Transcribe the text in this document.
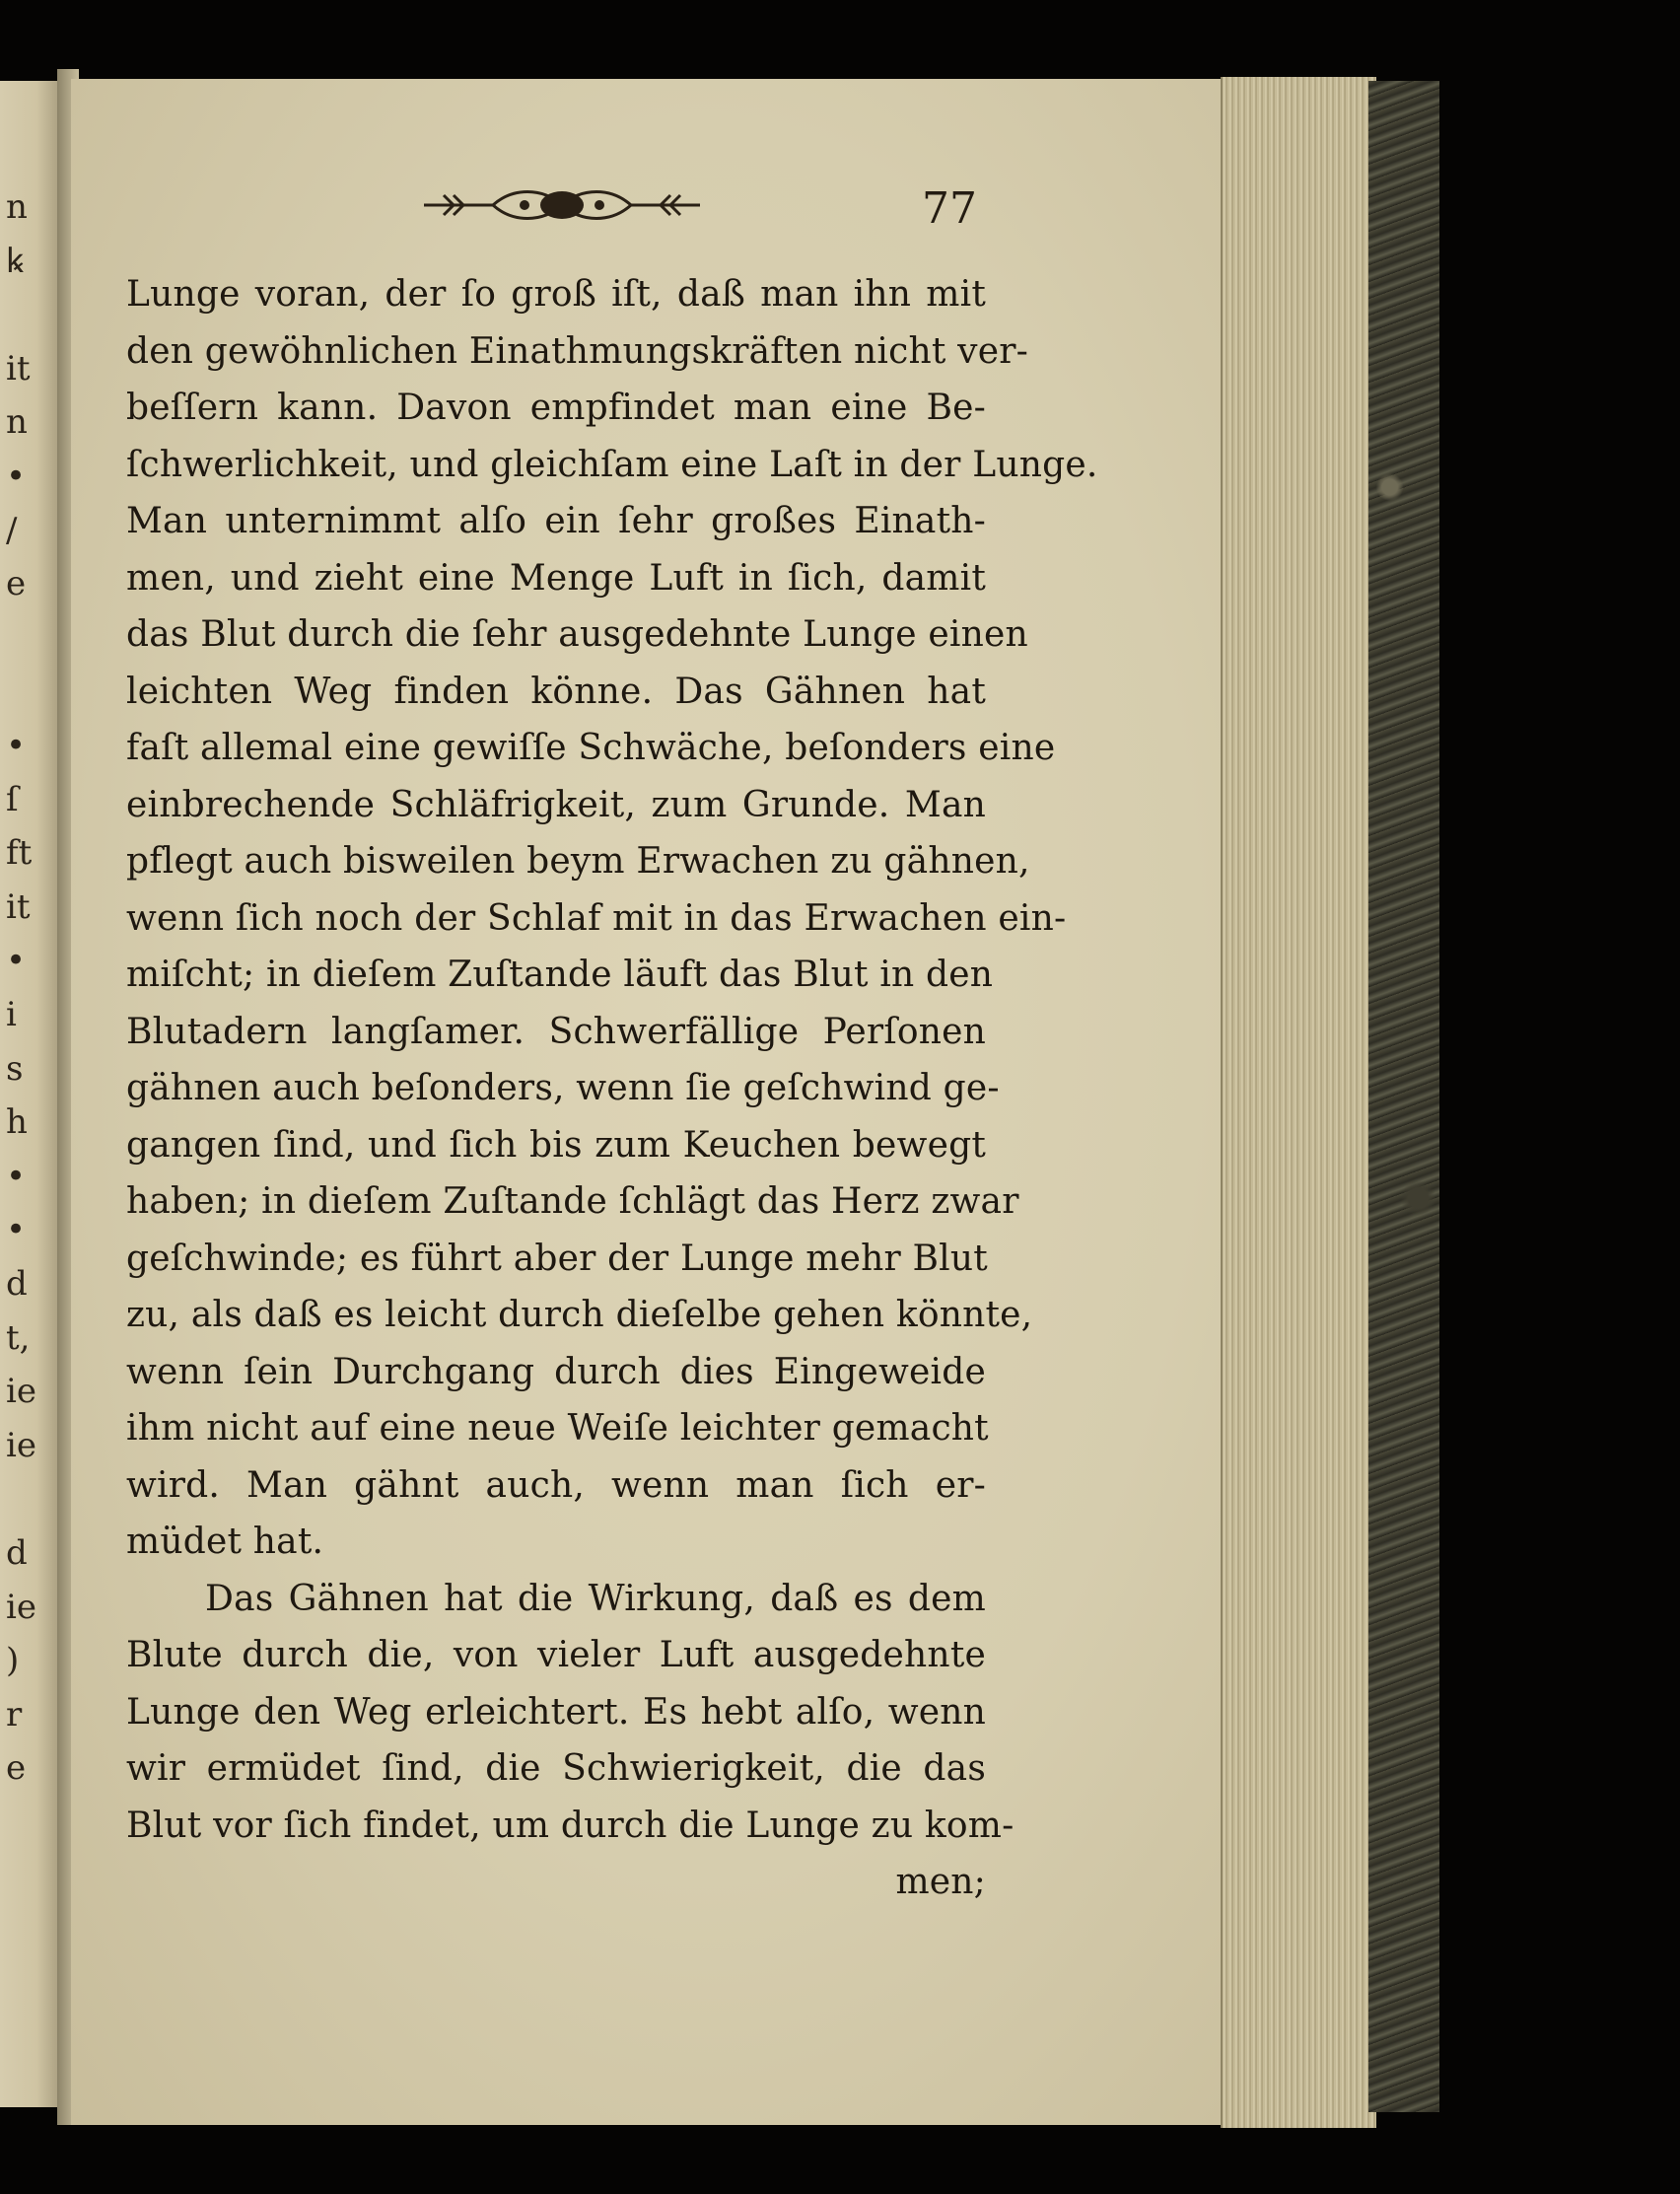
n
ꝃ
it
n
•
/
e
•
ſ
ft
it
•
i
s
h
•
•
d
t,
ie
ie
d
ie
)
r
e
77
Lunge voran, der ſo groß iſt, daß man ihn mit
den gewöhnlichen Einathmungskräften nicht ver-
beſſern kann. Davon empfindet man eine Be-
ſchwerlichkeit, und gleichſam eine Laſt in der Lunge.
Man unternimmt alſo ein ſehr großes Einath-
men, und zieht eine Menge Luft in ſich, damit
das Blut durch die ſehr ausgedehnte Lunge einen
leichten Weg finden könne. Das Gähnen hat
faſt allemal eine gewiſſe Schwäche, beſonders eine
einbrechende Schläfrigkeit, zum Grunde. Man
pflegt auch bisweilen beym Erwachen zu gähnen,
wenn ſich noch der Schlaf mit in das Erwachen ein-
miſcht; in dieſem Zuſtande läuft das Blut in den
Blutadern langſamer. Schwerfällige Perſonen
gähnen auch beſonders, wenn ſie geſchwind ge-
gangen ſind, und ſich bis zum Keuchen bewegt
haben; in dieſem Zuſtande ſchlägt das Herz zwar
geſchwinde; es führt aber der Lunge mehr Blut
zu, als daß es leicht durch dieſelbe gehen könnte,
wenn ſein Durchgang durch dies Eingeweide
ihm nicht auf eine neue Weiſe leichter gemacht
wird. Man gähnt auch, wenn man ſich er-
müdet hat.
Das Gähnen hat die Wirkung, daß es dem
Blute durch die, von vieler Luft ausgedehnte
Lunge den Weg erleichtert. Es hebt alſo, wenn
wir ermüdet ſind, die Schwierigkeit, die das
Blut vor ſich findet, um durch die Lunge zu kom-
men;
